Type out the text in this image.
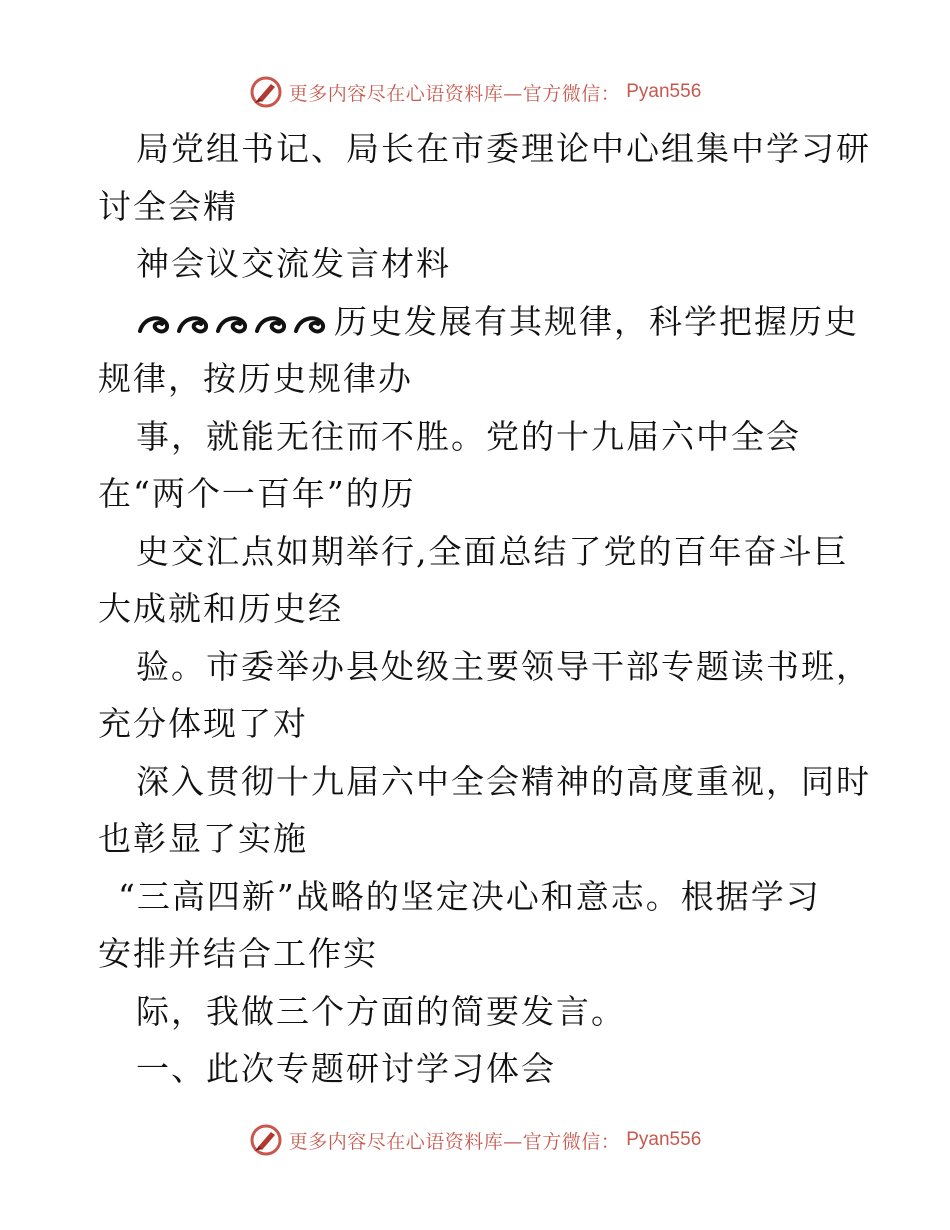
更多内容尽在心语资料库—官方微信： Pyan556
局党组书记、局长在市委理论中心组集中学习研
讨全会精
神会议交流发言材料
历史发展有其规律，科学把握历史
规律，按历史规律办
事，就能无往而不胜。党的十九届六中全会
在“两个一百年”的历
史交汇点如期举行,全面总结了党的百年奋斗巨
大成就和历史经
验。市委举办县处级主要领导干部专题读书班，
充分体现了对
深入贯彻十九届六中全会精神的高度重视，同时
也彰显了实施
“三高四新”战略的坚定决心和意志。根据学习
安排并结合工作实
际，我做三个方面的简要发言。
一、此次专题研讨学习体会
更多内容尽在心语资料库—官方微信： Pyan556
